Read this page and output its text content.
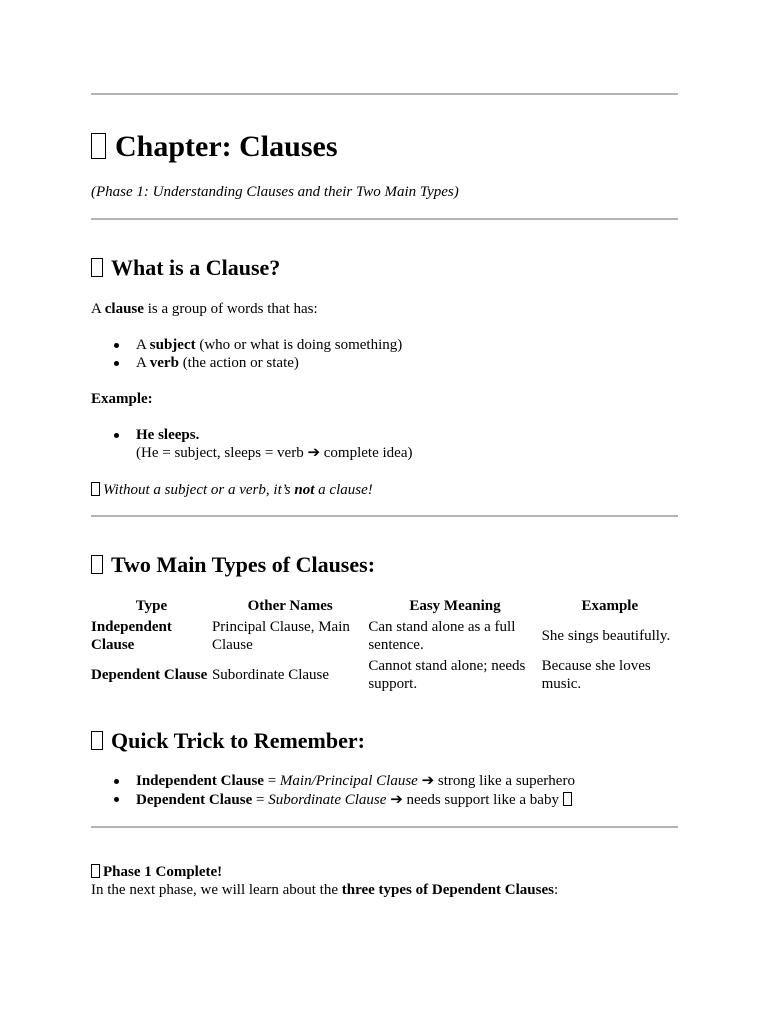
Chapter: Clauses
(Phase 1: Understanding Clauses and their Two Main Types)
What is a Clause?

A clause is a group of words that has:

A subject (who or what is doing something)
A verb (the action or state)

Example:

He sleeps.
(He = subject, sleeps = verb ➔ complete idea)

Without a subject or a verb, it’s not a clause!

Two Main Types of Clauses:
Type	Other Names	Easy Meaning	Example
Independent Clause	Principal Clause, Main Clause	Can stand alone as a full sentence.	She sings beautifully.
Dependent Clause	Subordinate Clause	Cannot stand alone; needs support.	Because she loves music.
Quick Trick to Remember:
Independent Clause = Main/Principal Clause ➔ strong like a superhero
Dependent Clause = Subordinate Clause ➔ needs support like a baby

Phase 1 Complete!

In the next phase, we will learn about the three types of Dependent Clauses:
